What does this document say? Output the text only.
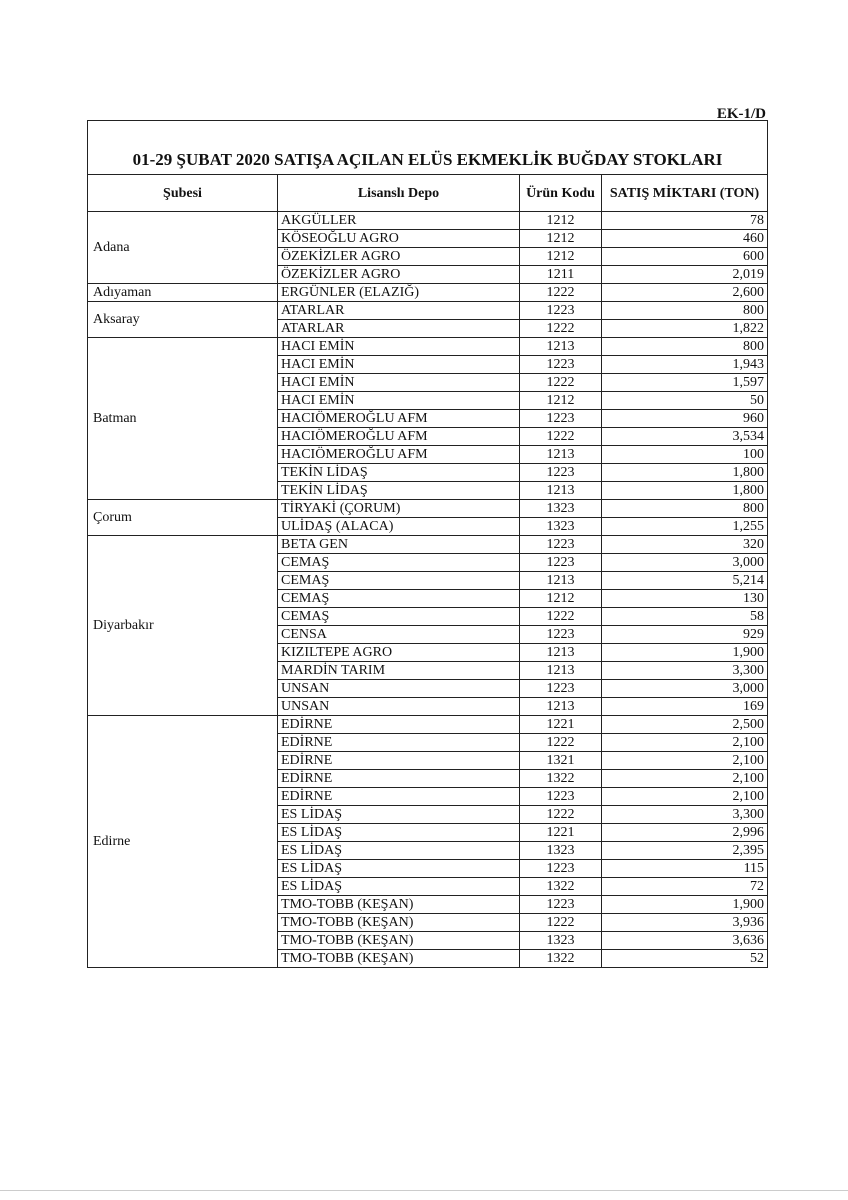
EK-1/D
01-29 ŞUBAT 2020 SATIŞA AÇILAN ELÜS EKMEKLİK BUĞDAY STOKLARI			
Şubesi	Lisanslı Depo	Ürün Kodu	SATIŞ MİKTARI (TON)
Adana	AKGÜLLER	1212	78
	KÖSEOĞLU AGRO	1212	460
	ÖZEKİZLER AGRO	1212	600
	ÖZEKİZLER AGRO	1211	2,019
Adıyaman	ERGÜNLER (ELAZIĞ)	1222	2,600
Aksaray	ATARLAR	1223	800
	ATARLAR	1222	1,822
Batman	HACI EMİN	1213	800
	HACI EMİN	1223	1,943
	HACI EMİN	1222	1,597
	HACI EMİN	1212	50
	HACIÖMEROĞLU AFM	1223	960
	HACIÖMEROĞLU AFM	1222	3,534
	HACIÖMEROĞLU AFM	1213	100
	TEKİN LİDAŞ	1223	1,800
	TEKİN LİDAŞ	1213	1,800
Çorum	TİRYAKİ (ÇORUM)	1323	800
	ULİDAŞ (ALACA)	1323	1,255
Diyarbakır	BETA GEN	1223	320
	CEMAŞ	1223	3,000
	CEMAŞ	1213	5,214
	CEMAŞ	1212	130
	CEMAŞ	1222	58
	CENSA	1223	929
	KIZILTEPE AGRO	1213	1,900
	MARDİN TARIM	1213	3,300
	UNSAN	1223	3,000
	UNSAN	1213	169
Edirne	EDİRNE	1221	2,500
	EDİRNE	1222	2,100
	EDİRNE	1321	2,100
	EDİRNE	1322	2,100
	EDİRNE	1223	2,100
	ES LİDAŞ	1222	3,300
	ES LİDAŞ	1221	2,996
	ES LİDAŞ	1323	2,395
	ES LİDAŞ	1223	115
	ES LİDAŞ	1322	72
	TMO-TOBB (KEŞAN)	1223	1,900
	TMO-TOBB (KEŞAN)	1222	3,936
	TMO-TOBB (KEŞAN)	1323	3,636
	TMO-TOBB (KEŞAN)	1322	52
